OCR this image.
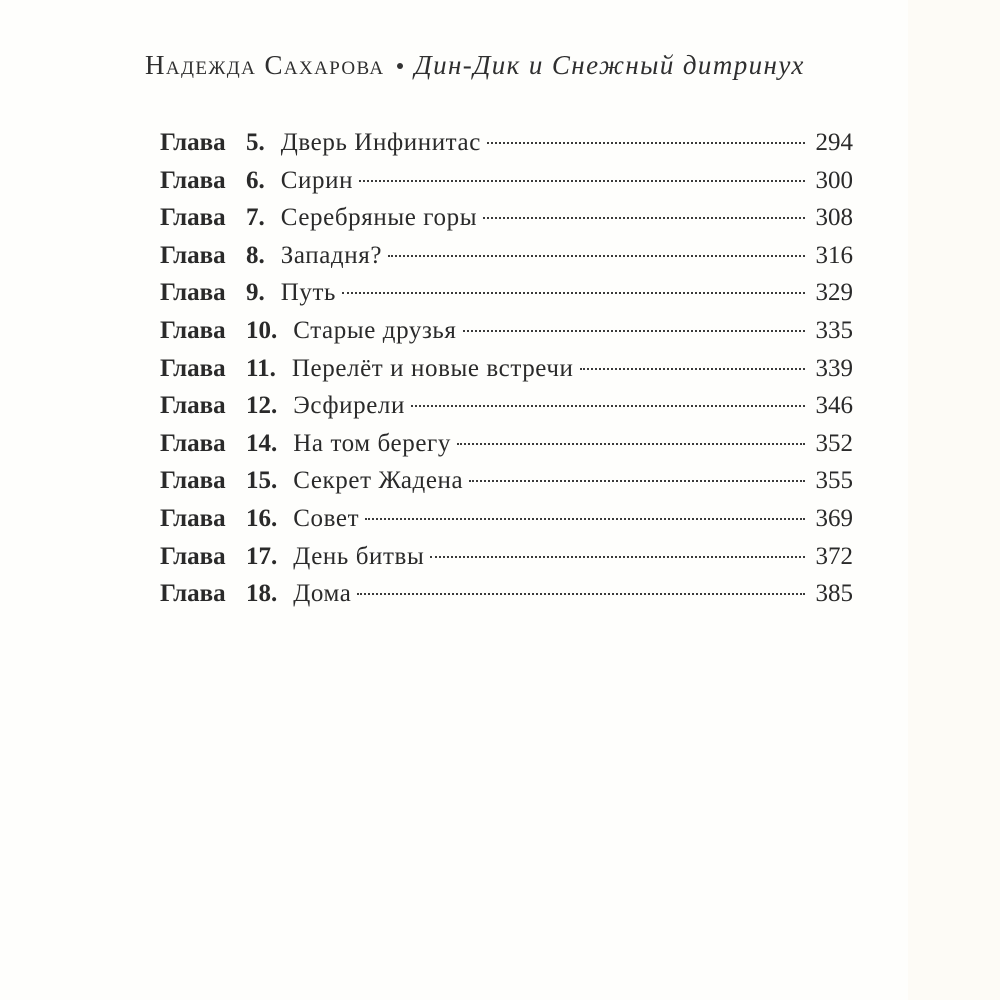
Надежда Сахарова Дин-Дик и Снежный дитринух
Глава 5. Дверь Инфинитас	294
Глава 6. Сирин	300
Глава 7. Серебряные горы	308
Глава 8. Западня?	316
Глава 9. Путь	329
Глава 10. Старые друзья	335
Глава 11. Перелёт и новые встречи	339
Глава 12. Эсфирели	346
Глава 14. На том берегу	352
Глава 15. Секрет Жадена	355
Глава 16. Совет	369
Глава 17. День битвы	372
Глава 18. Дома	385
